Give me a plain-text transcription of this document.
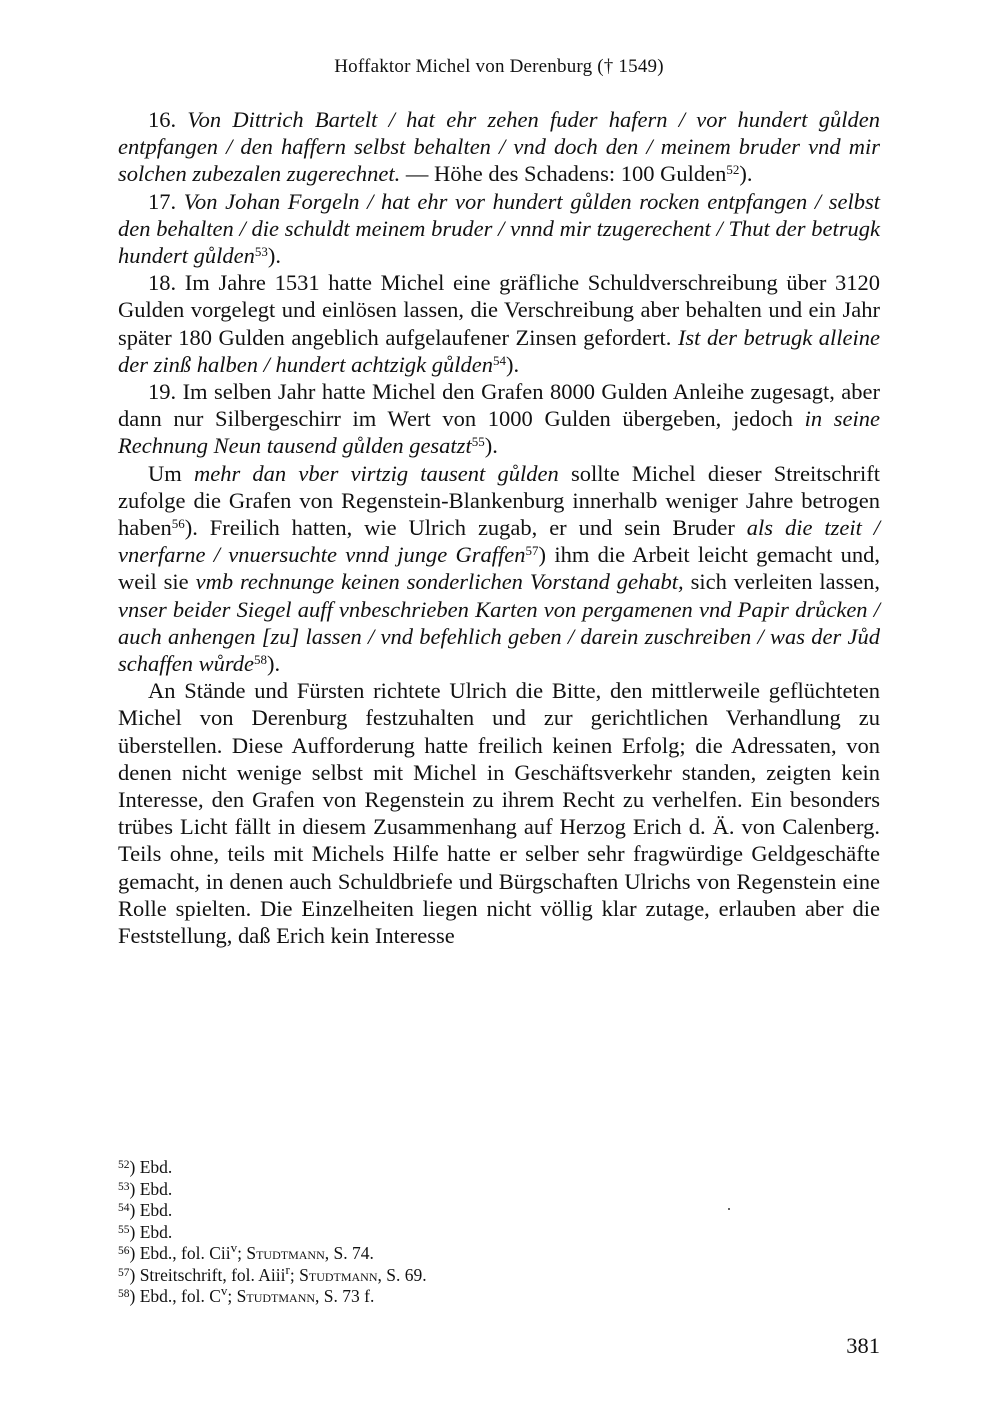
Hoffaktor Michel von Derenburg († 1549)

16. Von Dittrich Bartelt / hat ehr zehen fuder hafern / vor hundert gůlden entpfangen / den haffern selbst behalten / vnd doch den / meinem bruder vnd mir solchen zubezalen zugerechnet. — Höhe des Schadens: 100 Gulden$^{52}$).

17. Von Johan Forgeln / hat ehr vor hundert gůlden rocken entpfangen / selbst den behalten / die schuldt meinem bruder / vnnd mir tzugerechent / Thut der betrugk hundert gůlden$^{53}$).

18. Im Jahre 1531 hatte Michel eine gräfliche Schuldverschreibung über 3120 Gulden vorgelegt und einlösen lassen, die Verschreibung aber behalten und ein Jahr später 180 Gulden angeblich aufgelaufener Zinsen gefordert. Ist der betrugk alleine der zinß halben / hundert achtzigk gůlden$^{54}$).

19. Im selben Jahr hatte Michel den Grafen 8000 Gulden Anleihe zugesagt, aber dann nur Silbergeschirr im Wert von 1000 Gulden übergeben, jedoch in seine Rechnung Neun tausend gůlden gesatzt$^{55}$).

Um mehr dan vber virtzig tausent gůlden sollte Michel dieser Streitschrift zufolge die Grafen von Regenstein-Blankenburg innerhalb weniger Jahre betrogen haben$^{56}$). Freilich hatten, wie Ulrich zugab, er und sein Bruder als die tzeit / vnerfarne / vnuersuchte vnnd junge Graffen$^{57}$) ihm die Arbeit leicht gemacht und, weil sie vmb rechnunge keinen sonderlichen Vorstand gehabt, sich verleiten lassen, vnser beider Siegel auff vnbeschrieben Karten von pergamenen vnd Papir drůcken / auch anhengen [zu] lassen / vnd befehlich geben / darein zuschreiben / was der Jůd schaffen wůrde$^{58}$).

An Stände und Fürsten richtete Ulrich die Bitte, den mittlerweile geflüchteten Michel von Derenburg festzuhalten und zur gerichtlichen Verhandlung zu überstellen. Diese Aufforderung hatte freilich keinen Erfolg; die Adressaten, von denen nicht wenige selbst mit Michel in Geschäftsverkehr standen, zeigten kein Interesse, den Grafen von Regenstein zu ihrem Recht zu verhelfen. Ein besonders trübes Licht fällt in diesem Zusammenhang auf Herzog Erich d. Ä. von Calenberg. Teils ohne, teils mit Michels Hilfe hatte er selber sehr fragwürdige Geldgeschäfte gemacht, in denen auch Schuldbriefe und Bürgschaften Ulrichs von Regenstein eine Rolle spielten. Die Einzelheiten liegen nicht völlig klar zutage, erlauben aber die Feststellung, daß Erich kein Interesse

$^{52}$) Ebd.
$^{53}$) Ebd.
$^{54}$) Ebd.
$^{55}$) Ebd.
$^{56}$) Ebd., fol. Cii$^v$; Studtmann, S. 74.
$^{57}$) Streitschrift, fol. Aiii$^r$; Studtmann, S. 69.
$^{58}$) Ebd., fol. $C^v$; Studtmann, S. 73 f.
381
